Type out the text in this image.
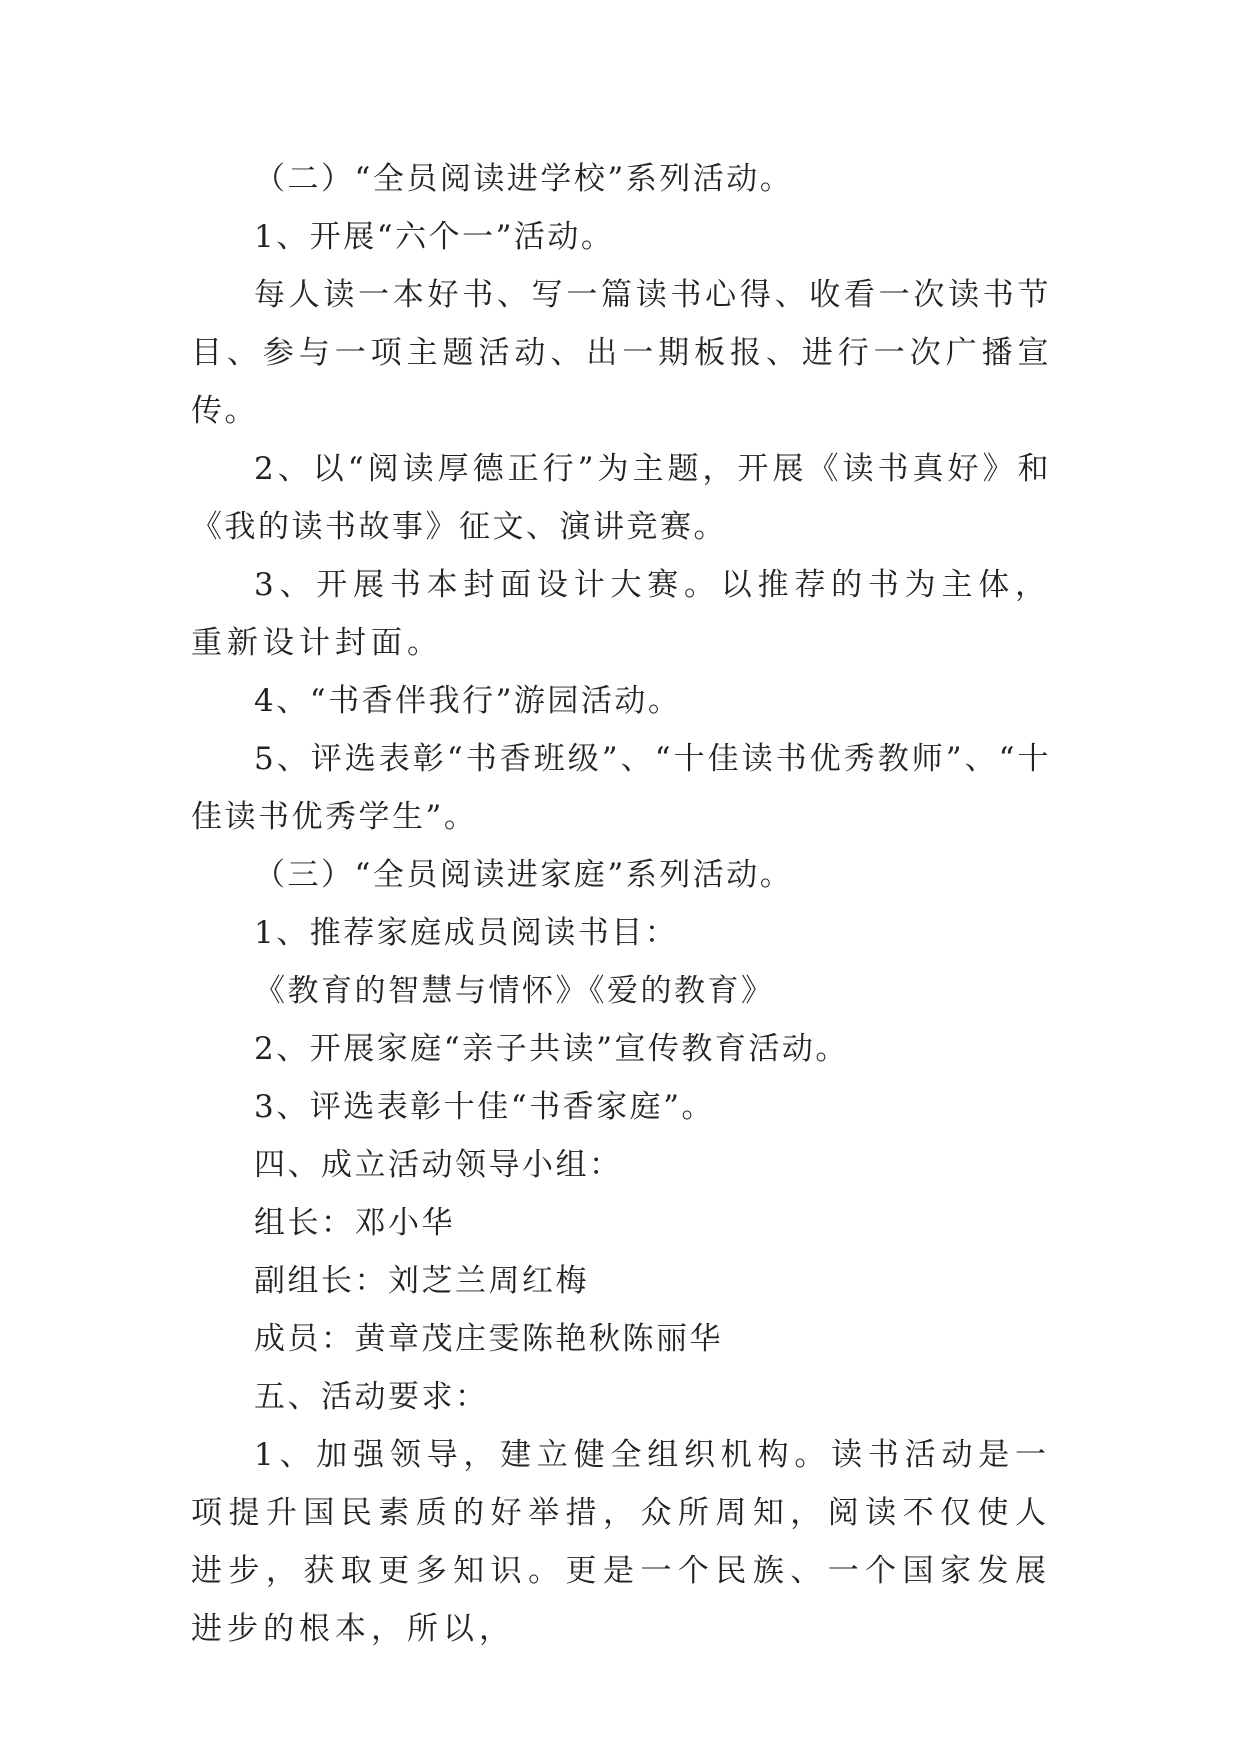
（二）“全员阅读进学校”系列活动。

1、开展“六个一”活动。

每人读一本好书、写一篇读书心得、收看一次读书节目、参与一项主题活动、出一期板报、进行一次广播宣传。

2、以“阅读厚德正行”为主题，开展《读书真好》和《我的读书故事》征文、演讲竞赛。

3、开展书本封面设计大赛。以推荐的书为主体，重新设计封面。

4、“书香伴我行”游园活动。

5、评选表彰“书香班级”、“十佳读书优秀教师”、“十佳读书优秀学生”。

（三）“全员阅读进家庭”系列活动。

1、推荐家庭成员阅读书目：

《教育的智慧与情怀》《爱的教育》

2、开展家庭“亲子共读”宣传教育活动。

3、评选表彰十佳“书香家庭”。

四、成立活动领导小组：

组长：邓小华

副组长：刘芝兰周红梅

成员：黄章茂庄雯陈艳秋陈丽华

五、活动要求：

1、加强领导，建立健全组织机构。读书活动是一项提升国民素质的好举措，众所周知，阅读不仅使人进步，获取更多知识。更是一个民族、一个国家发展进步的根本，所以，
